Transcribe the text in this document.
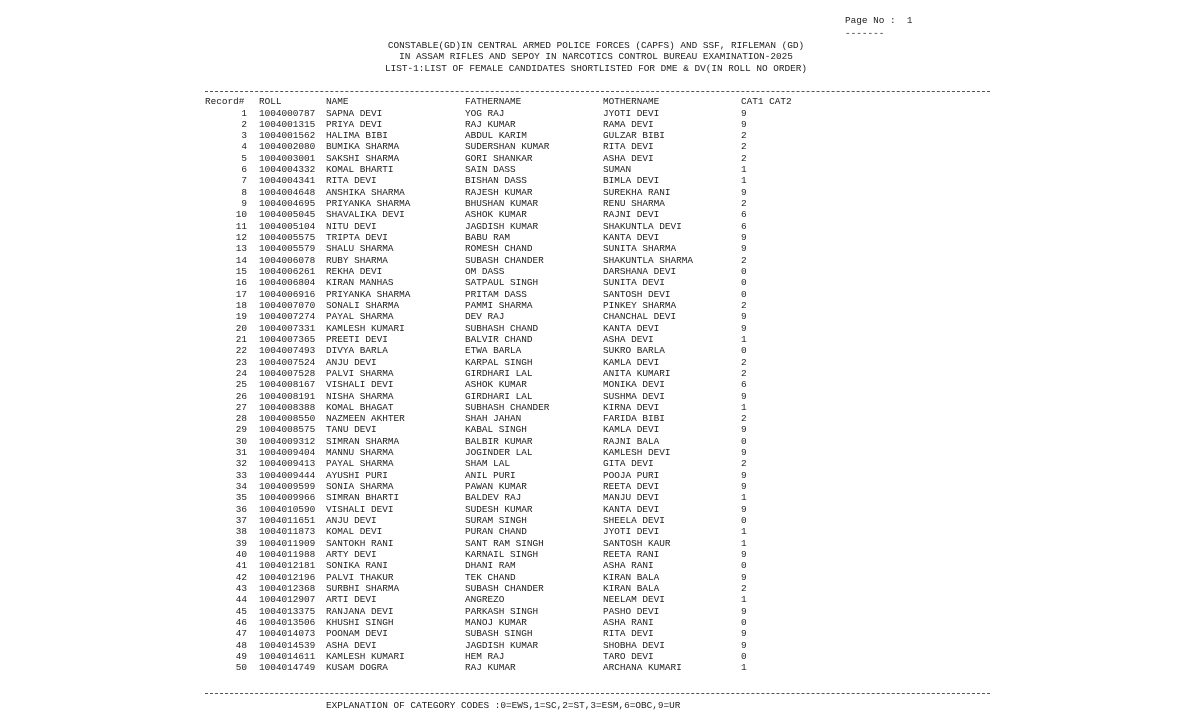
Page No : 1
-------
CONSTABLE(GD)IN CENTRAL ARMED POLICE FORCES (CAPFS) AND SSF, RIFLEMAN (GD)
IN ASSAM RIFLES AND SEPOY IN NARCOTICS CONTROL BUREAU EXAMINATION-2025
LIST-1:LIST OF FEMALE CANDIDATES SHORTLISTED FOR DME & DV(IN ROLL NO ORDER)
Record# ROLL	NAME	FATHERNAME	MOTHERNAME	CAT1 CAT2
1 1004000787 SAPNA DEVI	YOG RAJ	JYOTI DEVI	9
2 1004001315 PRIYA DEVI	RAJ KUMAR	RAMA DEVI	9
3 1004001562 HALIMA BIBI	ABDUL KARIM	GULZAR BIBI	2
4 1004002080 BUMIKA SHARMA	SUDERSHAN KUMAR	RITA DEVI	2
5 1004003001 SAKSHI SHARMA	GORI SHANKAR	ASHA DEVI	2
6 1004004332 KOMAL BHARTI	SAIN DASS	SUMAN	1
7 1004004341 RITA DEVI	BISHAN DASS	BIMLA DEVI	1
8 1004004648 ANSHIKA SHARMA	RAJESH KUMAR	SUREKHA RANI	9
9 1004004695 PRIYANKA SHARMA	BHUSHAN KUMAR	RENU SHARMA	2
10 1004005045 SHAVALIKA DEVI	ASHOK KUMAR	RAJNI DEVI	6
11 1004005104 NITU DEVI	JAGDISH KUMAR	SHAKUNTLA DEVI	6
12 1004005575 TRIPTA DEVI	BABU RAM	KANTA DEVI	9
13 1004005579 SHALU SHARMA	ROMESH CHAND	SUNITA SHARMA	9
14 1004006078 RUBY SHARMA	SUBASH CHANDER	SHAKUNTLA SHARMA	2
15 1004006261 REKHA DEVI	OM DASS	DARSHANA DEVI	0
16 1004006804 KIRAN MANHAS	SATPAUL SINGH	SUNITA DEVI	0
17 1004006916 PRIYANKA SHARMA	PRITAM DASS	SANTOSH DEVI	0
18 1004007070 SONALI SHARMA	PAMMI SHARMA	PINKEY SHARMA	2
19 1004007274 PAYAL SHARMA	DEV RAJ	CHANCHAL DEVI	9
20 1004007331 KAMLESH KUMARI	SUBHASH CHAND	KANTA DEVI	9
21 1004007365 PREETI DEVI	BALVIR CHAND	ASHA DEVI	1
22 1004007493 DIVYA BARLA	ETWA BARLA	SUKRO BARLA	0
23 1004007524 ANJU DEVI	KARPAL SINGH	KAMLA DEVI	2
24 1004007528 PALVI SHARMA	GIRDHARI LAL	ANITA KUMARI	2
25 1004008167 VISHALI DEVI	ASHOK KUMAR	MONIKA DEVI	6
26 1004008191 NISHA SHARMA	GIRDHARI LAL	SUSHMA DEVI	9
27 1004008388 KOMAL BHAGAT	SUBHASH CHANDER	KIRNA DEVI	1
28 1004008550 NAZMEEN AKHTER	SHAH JAHAN	FARIDA BIBI	2
29 1004008575 TANU DEVI	KABAL SINGH	KAMLA DEVI	9
30 1004009312 SIMRAN SHARMA	BALBIR KUMAR	RAJNI BALA	0
31 1004009404 MANNU SHARMA	JOGINDER LAL	KAMLESH DEVI	9
32 1004009413 PAYAL SHARMA	SHAM LAL	GITA DEVI	2
33 1004009444 AYUSHI PURI	ANIL PURI	POOJA PURI	9
34 1004009599 SONIA SHARMA	PAWAN KUMAR	REETA DEVI	9
35 1004009966 SIMRAN BHARTI	BALDEV RAJ	MANJU DEVI	1
36 1004010590 VISHALI DEVI	SUDESH KUMAR	KANTA DEVI	9
37 1004011651 ANJU DEVI	SURAM SINGH	SHEELA DEVI	0
38 1004011873 KOMAL DEVI	PURAN CHAND	JYOTI DEVI	1
39 1004011909 SANTOKH RANI	SANT RAM SINGH	SANTOSH KAUR	1
40 1004011988 ARTY DEVI	KARNAIL SINGH	REETA RANI	9
41 1004012181 SONIKA RANI	DHANI RAM	ASHA RANI	0
42 1004012196 PALVI THAKUR	TEK CHAND	KIRAN BALA	9
43 1004012368 SURBHI SHARMA	SUBASH CHANDER	KIRAN BALA	2
44 1004012907 ARTI DEVI	ANGREZO	NEELAM DEVI	1
45 1004013375 RANJANA DEVI	PARKASH SINGH	PASHO DEVI	9
46 1004013506 KHUSHI SINGH	MANOJ KUMAR	ASHA RANI	0
47 1004014073 POONAM DEVI	SUBASH SINGH	RITA DEVI	9
48 1004014539 ASHA DEVI	JAGDISH KUMAR	SHOBHA DEVI	9
49 1004014611 KAMLESH KUMARI	HEM RAJ	TARO DEVI	0
50 1004014749 KUSAM DOGRA	RAJ KUMAR	ARCHANA KUMARI	1
EXPLANATION OF CATEGORY CODES :0=EWS,1=SC,2=ST,3=ESM,6=OBC,9=UR
